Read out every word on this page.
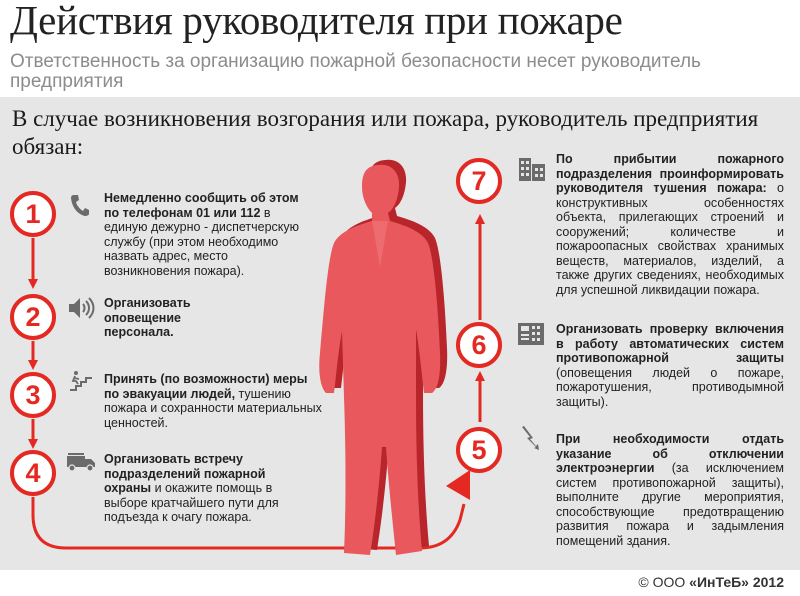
Действия руководителя при пожаре
Ответственность за организацию пожарной безопасности несет руководитель предприятия
В случае возникновения возгорания или пожара, руководитель предприятия обязан:
1
2
3
4
5
6
7
Немедленно сообщить об этом по телефонам 01 или 112 в единую дежурно - диспетчерскую службу (при этом необходимо назвать адрес, место возникновения пожара).
Организовать оповещение персонала.
Принять (по возможности) меры по эвакуации людей, тушению пожара и сохранности материальных ценностей.
Организовать встречу подразделений пожарной охраны и окажите помощь в выборе кратчайшего пути для подъезда к очагу пожара.
По прибытии пожарного подразделения проинформировать руководителя тушения пожара: о конструктивных особенностях объекта, прилегающих строений и сооружений; количестве и пожароопасных свойствах хранимых веществ, материалов, изделий, а также других сведениях, необходимых для успешной ликвидации пожара.
Организовать проверку включения в работу автоматических систем противопожарной защиты (оповещения людей о пожаре, пожаротушения, противодымной защиты).
При необходимости отдать указание об отключении электроэнергии (за исключением систем противопожарной защиты), выполните другие мероприятия, способствующие предотвращению развития пожара и задымления помещений здания.
© ООО «ИнТеБ» 2012
